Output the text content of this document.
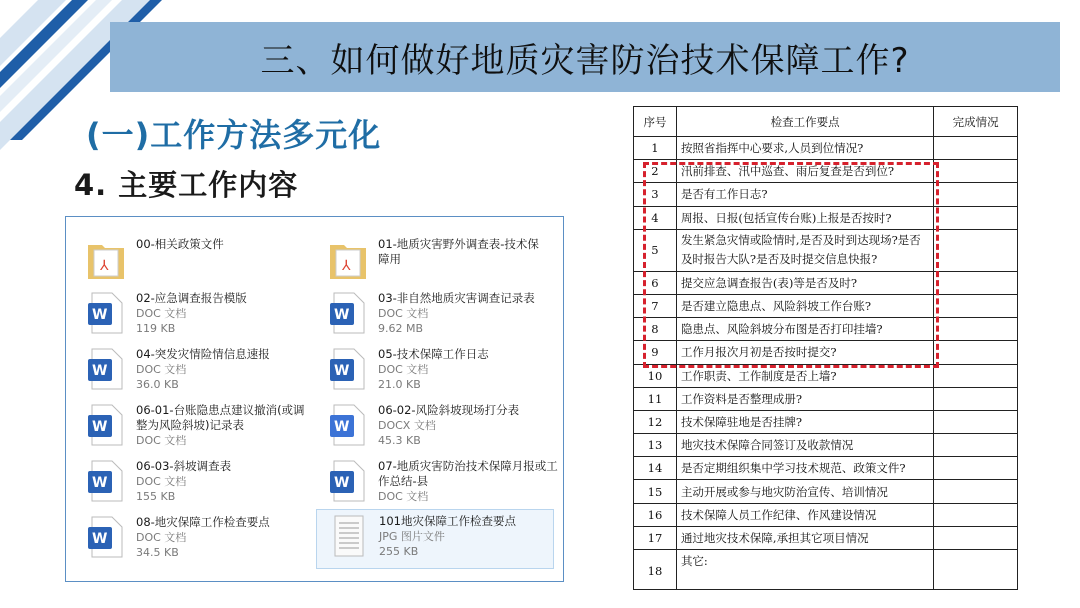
三、如何做好地质灾害防治技术保障工作?
(一)工作方法多元化
4. 主要工作内容
⅄
00-相关政策文件
⅄
01-地质灾害野外调查表-技术保障用
W
02-应急调查报告模版
DOC 文档
119 KB
W
03-非自然地质灾害调查记录表
DOC 文档
9.62 MB
W
04-突发灾情险情信息速报
DOC 文档
36.0 KB
W
05-技术保障工作日志
DOC 文档
21.0 KB
W
06-01-台账隐患点建议撤消(或调整为风险斜坡)记录表
DOC 文档
W
06-02-风险斜坡现场打分表
DOCX 文档
45.3 KB
W
06-03-斜坡调查表
DOC 文档
155 KB
W
07-地质灾害防治技术保障月报或工作总结-县
DOC 文档
W
08-地灾保障工作检查要点
DOC 文档
34.5 KB
101地灾保障工作检查要点
JPG 图片文件
255 KB
序号	检查工作要点	完成情况
1	按照省指挥中心要求,人员到位情况?	
2	汛前排查、汛中巡查、雨后复查是否到位?	
3	是否有工作日志?	
4	周报、日报(包括宣传台账)上报是否按时?	
5	发生紧急灾情或险情时,是否及时到达现场?是否及时报告大队?是否及时提交信息快报?	
6	提交应急调查报告(表)等是否及时?	
7	是否建立隐患点、风险斜坡工作台账?	
8	隐患点、风险斜坡分布图是否打印挂墙?	
9	工作月报次月初是否按时提交?	
10	工作职责、工作制度是否上墙?	
11	工作资料是否整理成册?	
12	技术保障驻地是否挂牌?	
13	地灾技术保障合同签订及收款情况	
14	是否定期组织集中学习技术规范、政策文件?	
15	主动开展或参与地灾防治宣传、培训情况	
16	技术保障人员工作纪律、作风建设情况	
17	通过地灾技术保障,承担其它项目情况	
18	其它:	
